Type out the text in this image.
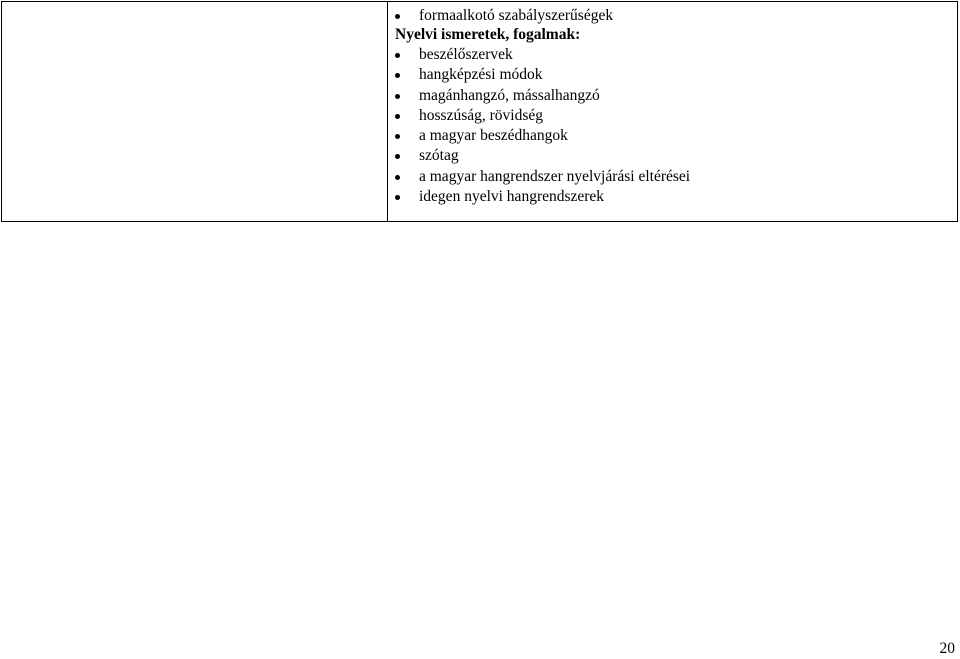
formaalkotó szabályszerűségek
Nyelvi ismeretek, fogalmak:
beszélőszervek
hangképzési módok
magánhangzó, mássalhangzó
hosszúság, rövidség
a magyar beszédhangok
szótag
a magyar hangrendszer nyelvjárási eltérései
idegen nyelvi hangrendszerek
20
